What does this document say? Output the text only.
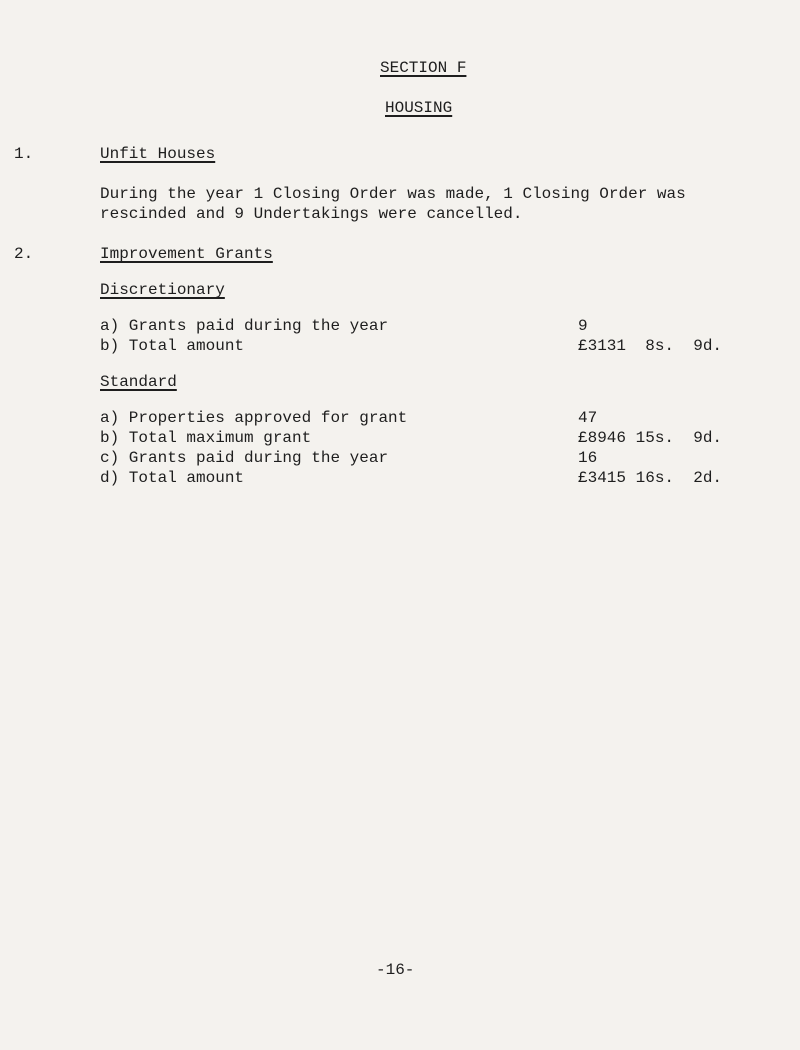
SECTION F
HOUSING
1.	Unfit Houses
During the year 1 Closing Order was made, 1 Closing Order was
rescinded and 9 Undertakings were cancelled.
2.	Improvement Grants
Discretionary
a) Grants paid during the year	9
b) Total amount	£3131  8s.  9d.
Standard
a) Properties approved for grant	47
b) Total maximum grant	£8946 15s.  9d.
c) Grants paid during the year	16
d) Total amount	£3415 16s.  2d.
-16-
